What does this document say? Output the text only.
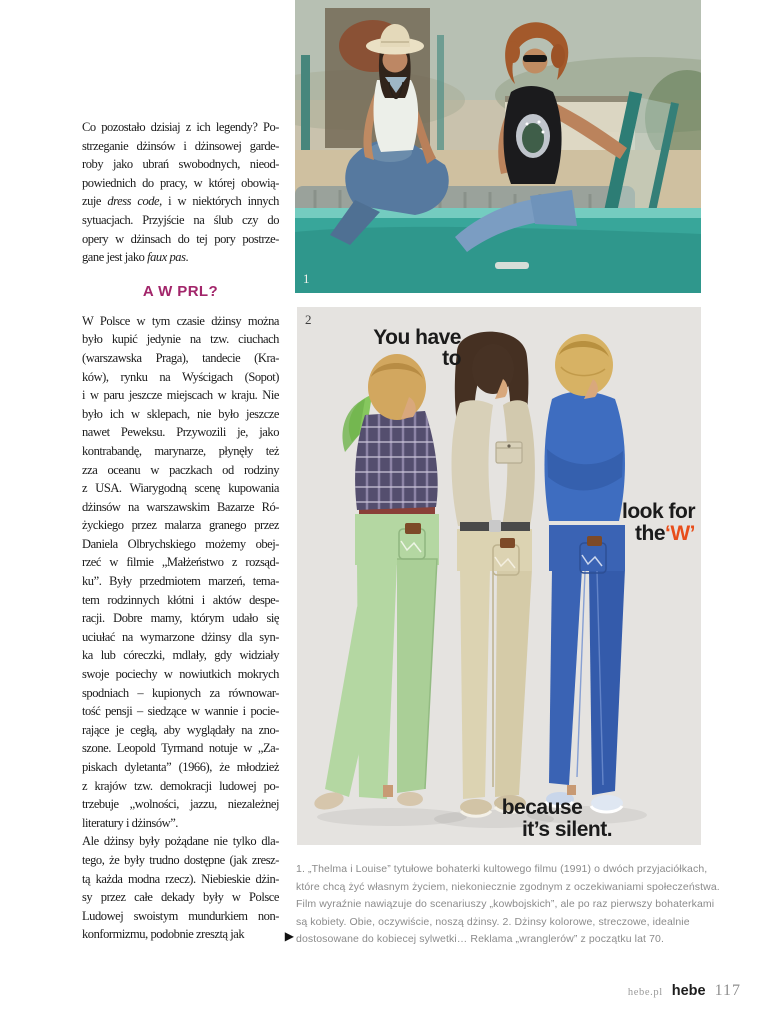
Co pozostało dzisiaj z ich legendy? Po-
strzeganie dżinsów i dżinsowej garde-
roby jako ubrań swobodnych, nieod-
powiednich do pracy, w której obowią-
zuje dress code, i w niektórych innych
sytuacjach. Przyjście na ślub czy do
opery w dżinsach do tej pory postrze-
gane jest jako faux pas.
A W PRL?
W Polsce w tym czasie dżinsy można
było kupić jedynie na tzw. ciuchach
(warszawska Praga), tandecie (Kra-
ków), rynku na Wyścigach (Sopot)
i w paru jeszcze miejscach w kraju. Nie
było ich w sklepach, nie było jeszcze
nawet Peweksu. Przywozili je, jako
kontrabandę, marynarze, płynęły też
zza oceanu w paczkach od rodziny
z USA. Wiarygodną scenę kupowania
dżinsów na warszawskim Bazarze Ró-
życkiego przez malarza granego przez
Daniela Olbrychskiego możemy obej-
rzeć w filmie „Małżeństwo z rozsąd-
ku”. Były przedmiotem marzeń, tema-
tem rodzinnych kłótni i aktów despe-
racji. Dobre mamy, którym udało się
uciułać na wymarzone dżinsy dla syn-
ka lub córeczki, mdlały, gdy widziały
swoje pociechy w nowiutkich mokrych
spodniach – kupionych za równowar-
tość pensji – siedzące w wannie i pocie-
rające je cegłą, aby wyglądały na zno-
szone. Leopold Tyrmand notuje w „Za-
piskach dyletanta” (1966), że młodzież
z krajów tzw. demokracji ludowej po-
trzebuje „wolności, jazzu, niezależnej
literatury i dżinsów”.
Ale dżinsy były pożądane nie tylko dla-
tego, że były trudno dostępne (jak zresz-
tą każda modna rzecz). Niebieskie dżin-
sy przez całe dekady były w Polsce
Ludowej swoistym mundurkiem non-
konformizmu, podobnie zresztą jak	▶
1
You have
to
look for
the‘W’
because
it’s silent.
2
1. „Thelma i Louise” tytułowe bohaterki kultowego filmu (1991) o dwóch przyjaciółkach,
które chcą żyć własnym życiem, niekoniecznie zgodnym z oczekiwaniami społeczeństwa.
Film wyraźnie nawiązuje do scenariuszy „kowbojskich”, ale po raz pierwszy bohaterkami
są kobiety. Obie, oczywiście, noszą dżinsy. 2. Dżinsy kolorowe, streczowe, idealnie
dostosowane do kobiecej sylwetki… Reklama „wranglerów” z początku lat 70.
hebe.pl hebe 117
